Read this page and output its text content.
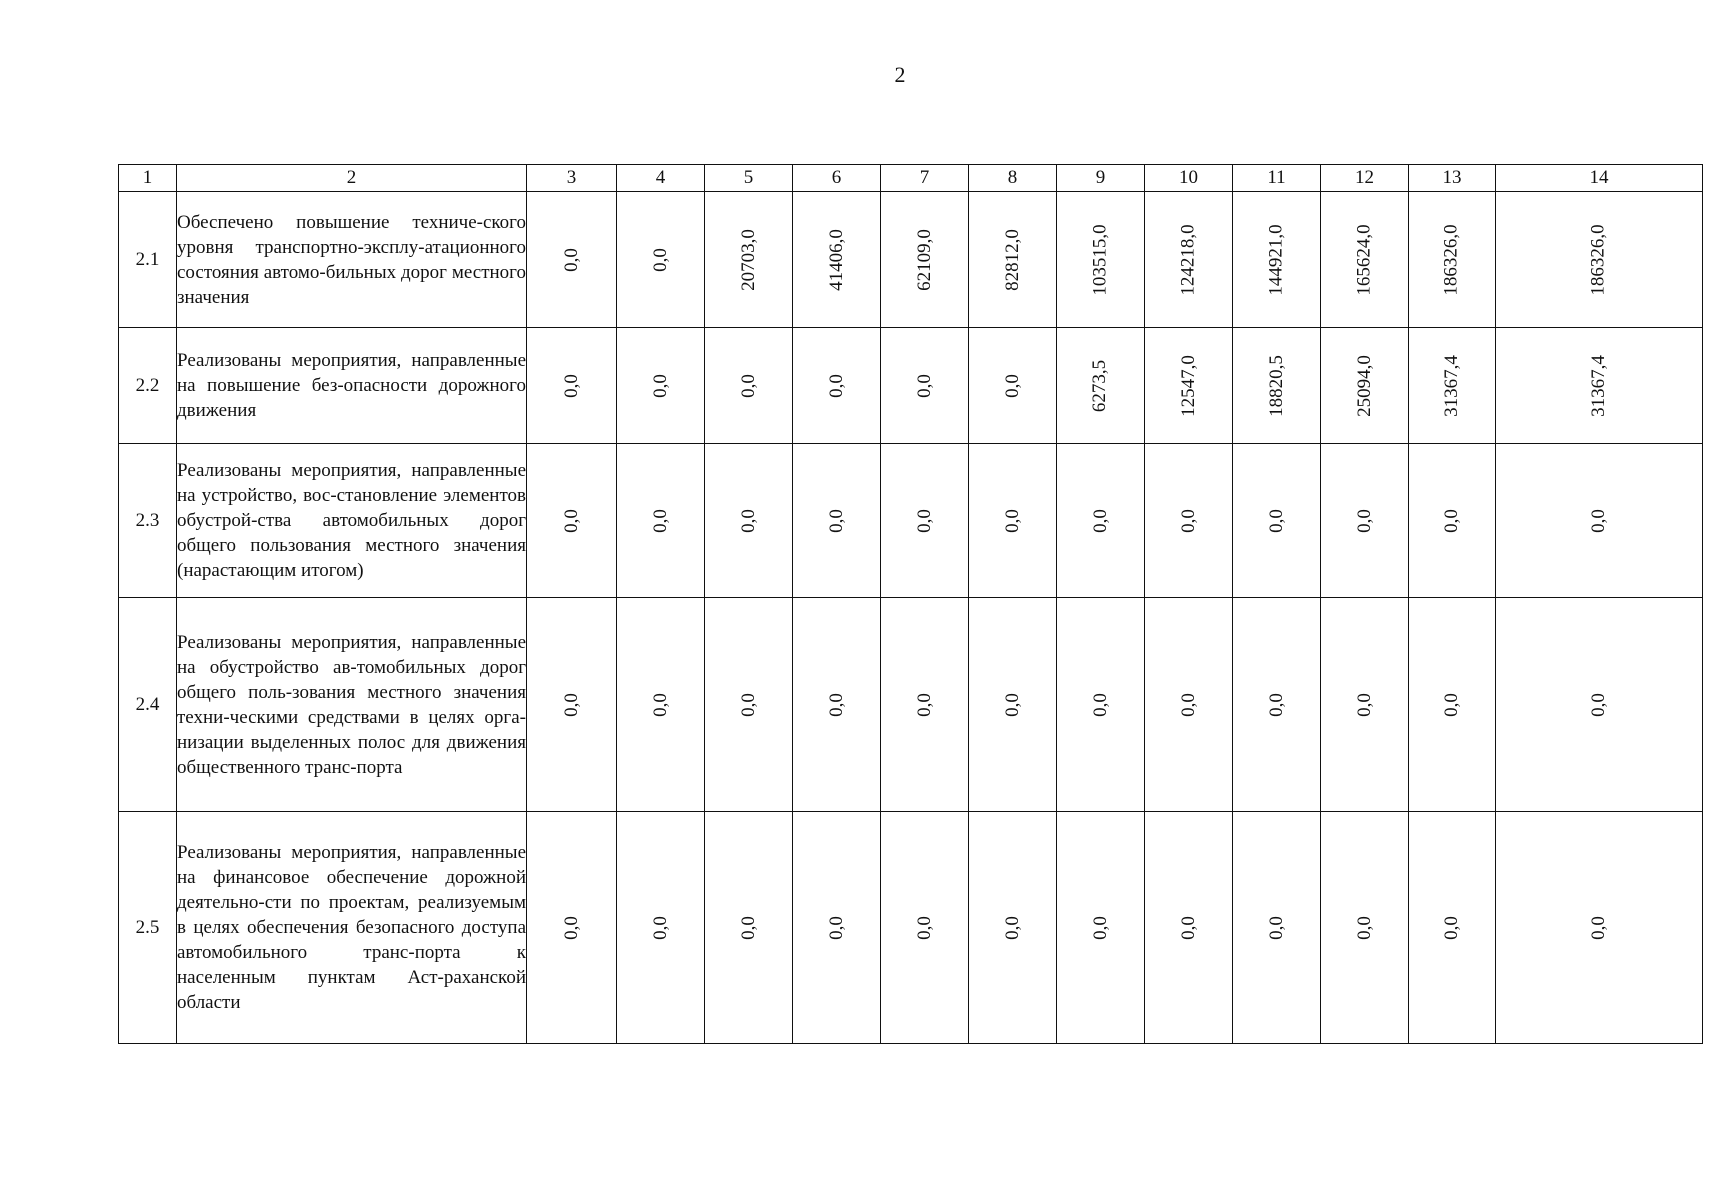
2
1	2	3	4	5	6	7	8	9	10	11	12	13	14
2.1	Обеспечено повышение техниче-ского уровня транспортно-эксплу-атационного состояния автомо-бильных дорог местного значения	0,0	0,0	20703,0	41406,0	62109,0	82812,0	103515,0	124218,0	144921,0	165624,0	186326,0	186326,0
2.2	Реализованы мероприятия, направленные на повышение без-опасности дорожного движения	0,0	0,0	0,0	0,0	0,0	0,0	6273,5	12547,0	18820,5	25094,0	31367,4	31367,4
2.3	Реализованы мероприятия, направленные на устройство, вос-становление элементов обустрой-ства автомобильных дорог общего пользования местного значения (нарастающим итогом)	0,0	0,0	0,0	0,0	0,0	0,0	0,0	0,0	0,0	0,0	0,0	0,0
2.4	Реализованы мероприятия, направленные на обустройство ав-томобильных дорог общего поль-зования местного значения техни-ческими средствами в целях орга-низации выделенных полос для движения общественного транс-порта	0,0	0,0	0,0	0,0	0,0	0,0	0,0	0,0	0,0	0,0	0,0	0,0
2.5	Реализованы мероприятия, направленные на финансовое обеспечение дорожной деятельно-сти по проектам, реализуемым в целях обеспечения безопасного доступа автомобильного транс-порта к населенным пунктам Аст-раханской области	0,0	0,0	0,0	0,0	0,0	0,0	0,0	0,0	0,0	0,0	0,0	0,0
